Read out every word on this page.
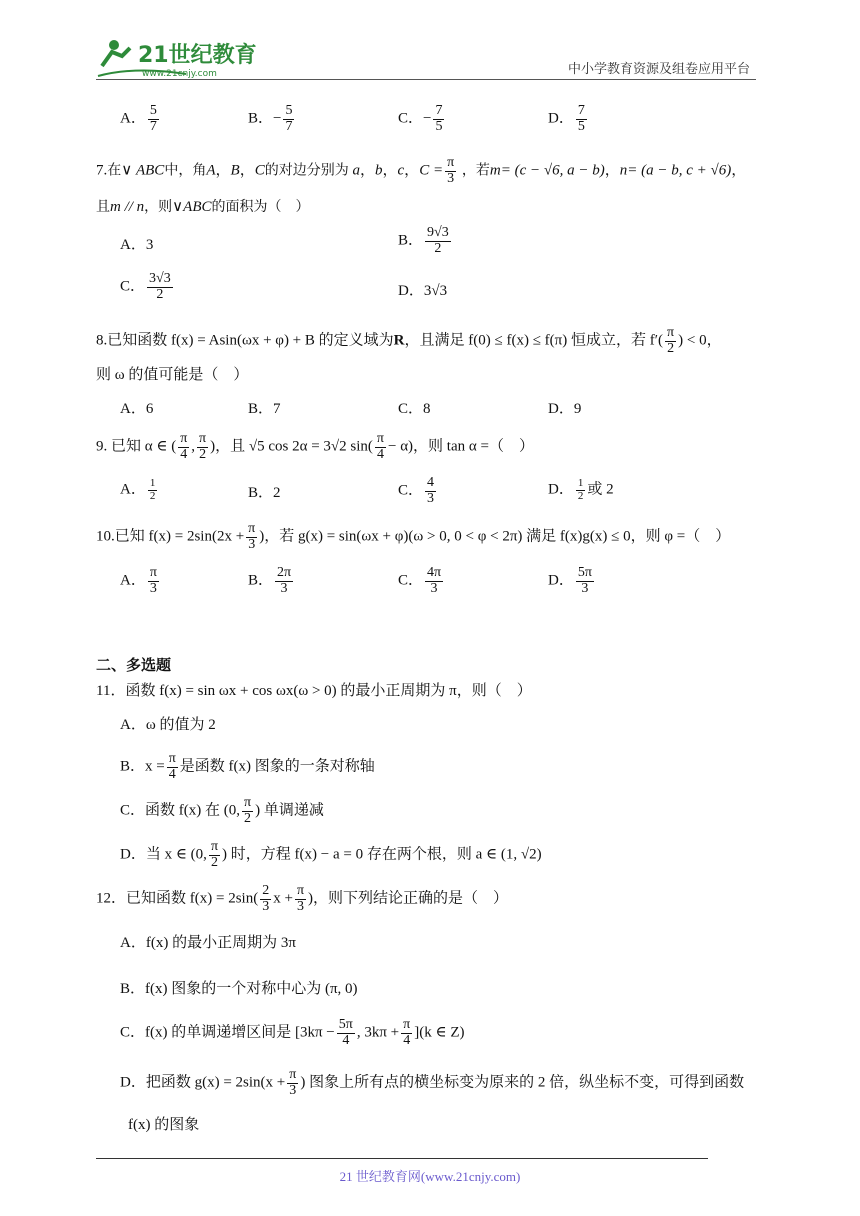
21世纪教育
www.21cnjy.com	中小学教育资源及组卷应用平台
A． $\frac{5}{7}$	B．− $\frac{5}{7}$	C．− $\frac{7}{5}$	D． $\frac{7}{5}$
7.在∨ ABC中，角A，B，C的对边分别为 a，b，c，$C = \frac{\pi}{3}$ ，若m= (c − √6, a − b)，n= (a − b, c + √6)，
且m // n，则∨ABC的面积为（　）
A．3	B． $\frac{9√3}{2}$
C． $\frac{3√3}{2}$	D．3√3
8.已知函数 f(x) = Asin(ωx + φ) + B 的定义域为R，且满足 f(0) ≤ f(x) ≤ f(π) 恒成立，若 $f'( \frac{\pi}{2}$ ) < 0，
则 ω 的值可能是（　）
A．6	B．7	C．8	D．9
9. 已知 α ∈ ( $\frac{\pi}{4}$ , $\frac{\pi}{2}$ )，且 √5 cos 2α = 3√2 $\sin( \frac{\pi}{4} - \alpha)$，则 tan α =（　）
A． $\frac{1}{2}$	B．2	C． $\frac{4}{3}$	D． $\frac{1}{2}$ 或 2
10.已知 $f(x) = 2\sin(2x + \frac{\pi}{3}$ )，若 g(x) = sin(ωx + φ)(ω > 0, 0 < φ < 2π) 满足 f(x)g(x) ≤ 0，则 φ =（　）
A． $\frac{\pi}{3}$	B． $\frac{2\pi}{3}$	C． $\frac{4\pi}{3}$	D． $\frac{5\pi}{3}$
二、多选题
11．函数 f(x) = sin ωx + cos ωx(ω > 0) 的最小正周期为 π，则（　）
A．ω 的值为 2
B．$x = \frac{\pi}{4}$ 是函数 f(x) 图象的一条对称轴
C．函数 f(x) 在 (0, $\frac{\pi}{2}$ ) 单调递减
D．当 x ∈ (0, $\frac{\pi}{2}$ ) 时，方程 f(x) − a = 0 存在两个根，则 a ∈ (1, √2)
12．已知函数 $f(x) = 2\sin( \frac{2}{3}$ $x + \frac{\pi}{3}$ )，则下列结论正确的是（　）
A．f(x) 的最小正周期为 3π
B．f(x) 图象的一个对称中心为 (π, 0)
C．f(x) 的单调递增区间是 [$3k\pi - \frac{5\pi}{4}$ , $3k\pi + \frac{\pi}{4} ](k$ ∈ Z)
D．把函数 $g(x) = 2\sin(x + \frac{\pi}{3}$ ) 图象上所有点的横坐标变为原来的 2 倍，纵坐标不变，可得到函数
f(x) 的图象
21 世纪教育网(www.21cnjy.com)
